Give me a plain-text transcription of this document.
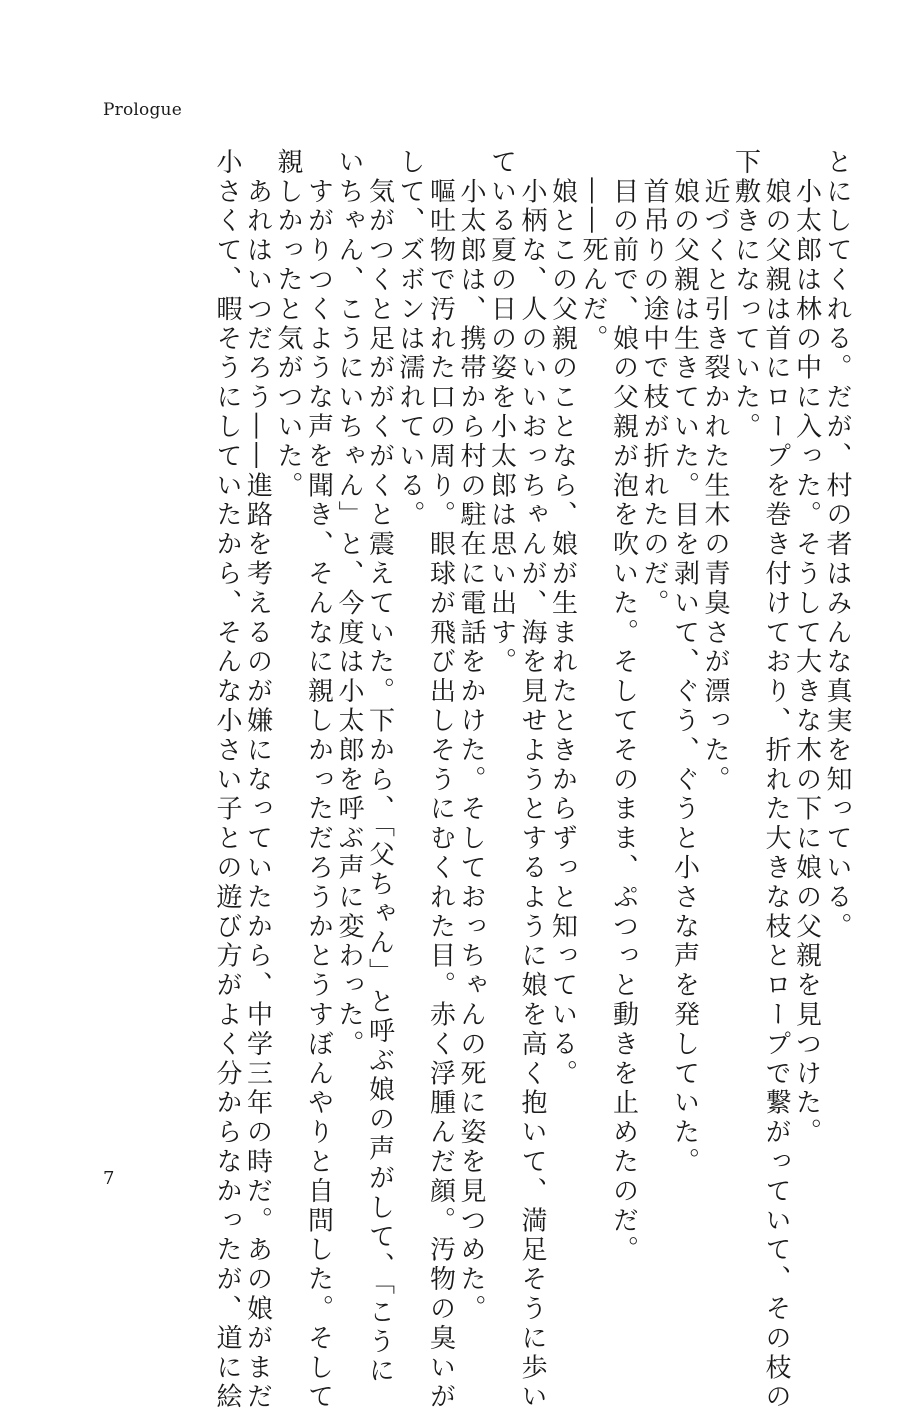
Prologue
とにしてくれる。だが、村の者はみんな真実を知っている。
　小太郎は林の中に入った。そうして大きな木の下に娘の父親を見つけた。
　娘の父親は首にロープを巻き付けており、折れた大きな枝とロープで繋がっていて、その枝の
下敷きになっていた。
　近づくと引き裂かれた生木の青臭さが漂った。
　娘の父親は生きていた。目を剥いて、ぐう、ぐうと小さな声を発していた。
　首吊りの途中で枝が折れたのだ。
　目の前で、娘の父親が泡を吹いた。そしてそのまま、ぷつっと動きを止めたのだ。
　――死んだ。
　娘とこの父親のことなら、娘が生まれたときからずっと知っている。
　小柄な、人のいいおっちゃんが、海を見せようとするように娘を高く抱いて、満足そうに歩い
ている夏の日の姿を小太郎は思い出す。
　小太郎は、携帯から村の駐在に電話をかけた。そしておっちゃんの死に姿を見つめた。
　嘔吐物で汚れた口の周り。眼球が飛び出しそうにむくれた目。赤く浮腫んだ顔。汚物の臭いが
して、ズボンは濡れている。
　気がつくと足ががくがくと震えていた。下から、「父ちゃん」と呼ぶ娘の声がして、「こうに
いちゃん、こうにいちゃん」と、今度は小太郎を呼ぶ声に変わった。
　すがりつくような声を聞き、そんなに親しかっただろうかとうすぼんやりと自問した。そして
親しかったと気がついた。
　あれはいつだろう――進路を考えるのが嫌になっていたから、中学三年の時だ。あの娘がまだ
小さくて、暇そうにしていたから、そんな小さい子との遊び方がよく分からなかったが、道に絵
7
